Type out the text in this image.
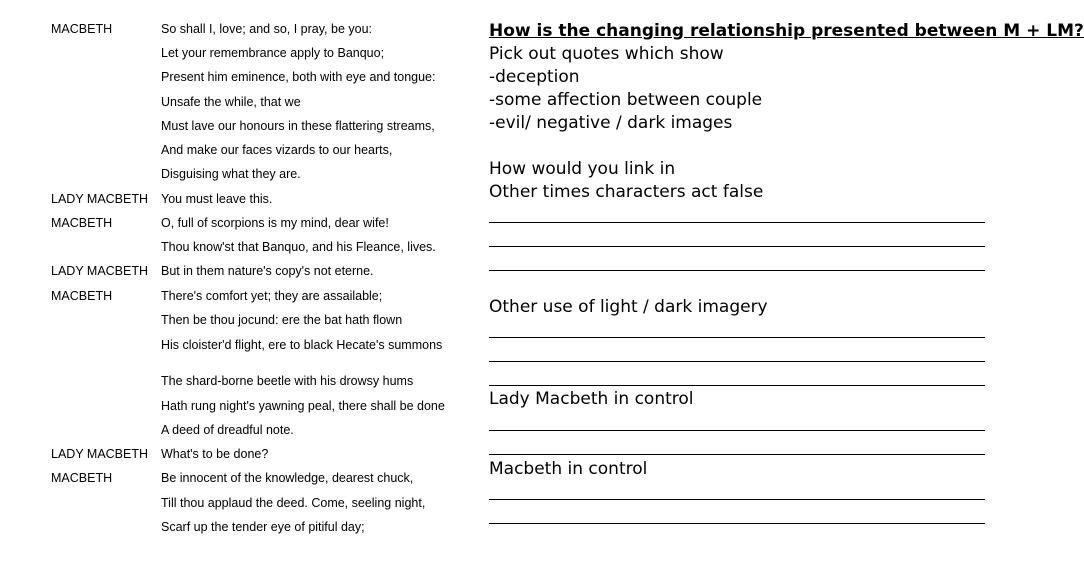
MACBETH	So shall I, love; and so, I pray, be you:
Let your remembrance apply to Banquo;
Present him eminence, both with eye and tongue:
Unsafe the while, that we
Must lave our honours in these flattering streams,
And make our faces vizards to our hearts,
Disguising what they are.
LADY MACBETH You must leave this.
MACBETH	O, full of scorpions is my mind, dear wife!
Thou know'st that Banquo, and his Fleance, lives.
LADY MACBETH But in them nature's copy's not eterne.
MACBETH	There's comfort yet; they are assailable;
Then be thou jocund: ere the bat hath flown
His cloister'd flight, ere to black Hecate's summons
The shard-borne beetle with his drowsy hums
Hath rung night's yawning peal, there shall be done
A deed of dreadful note.
LADY MACBETH What's to be done?
MACBETH	Be innocent of the knowledge, dearest chuck,
Till thou applaud the deed. Come, seeling night,
Scarf up the tender eye of pitiful day;
How is the changing relationship presented between M + LM?
Pick out quotes which show
-deception
-some affection between couple
-evil/ negative / dark images
How would you link in
Other times characters act false
Other use of light / dark imagery
Lady Macbeth in control
Macbeth in control
